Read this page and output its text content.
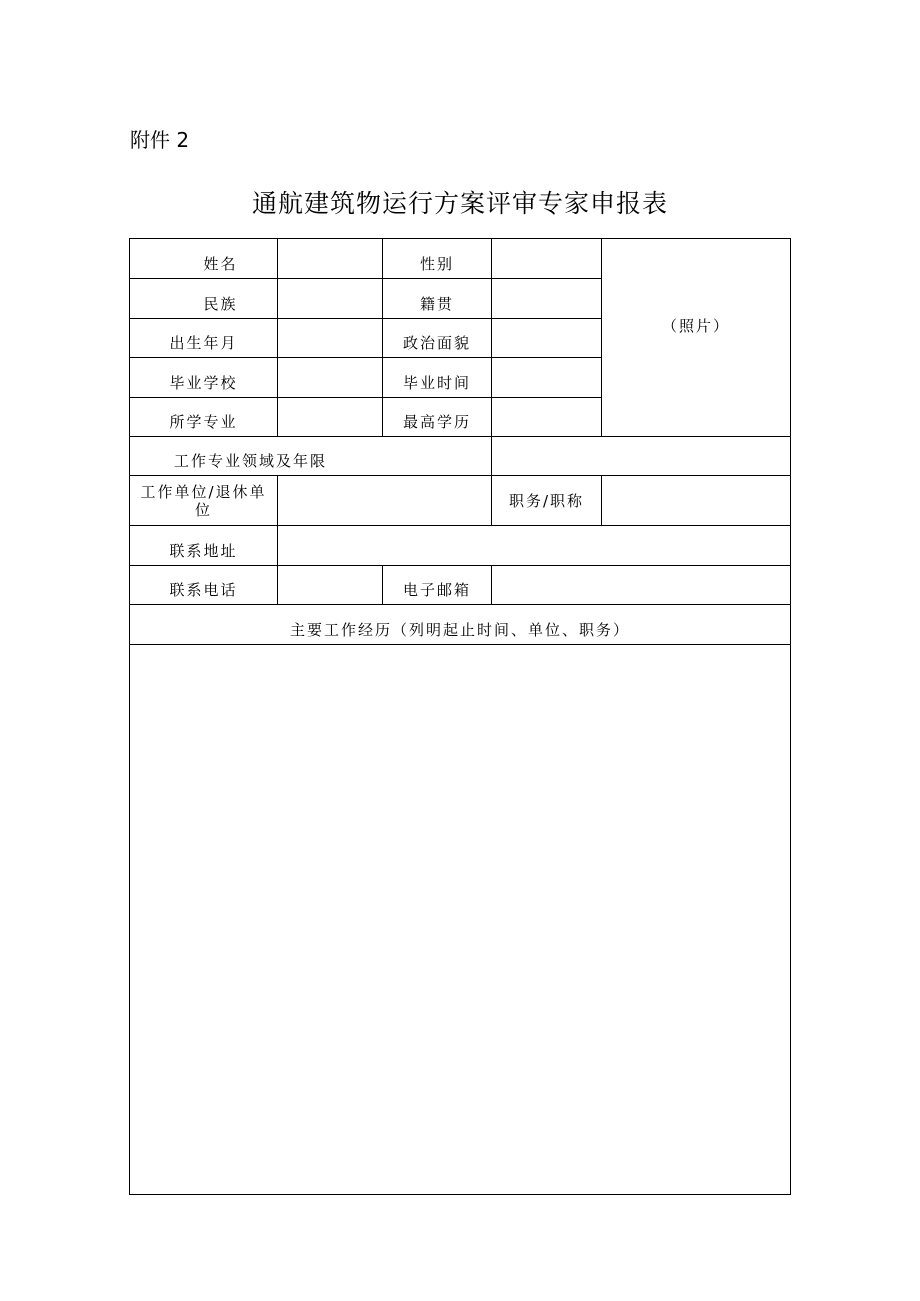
附件 2
通航建筑物运行方案评审专家申报表
姓名		性别		（照片）
民族		籍贯		
出生年月		政治面貌		
毕业学校		毕业时间		
所学专业		最高学历		
工作专业领域及年限				
工作单位/退休单位			职务/职称	
联系地址				
联系电话		电子邮箱		
主要工作经历（列明起止时间、单位、职务）				
